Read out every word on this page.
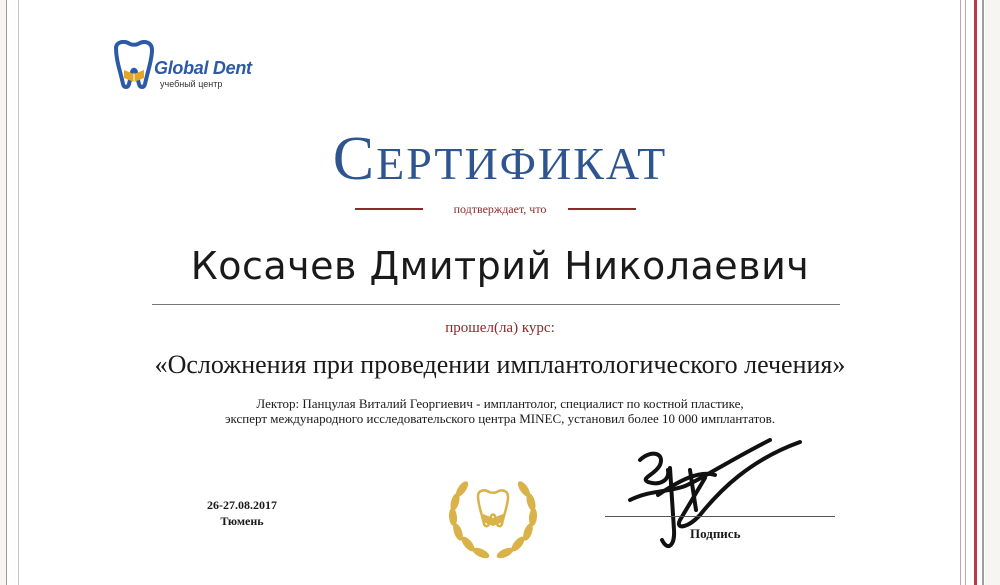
Global Dent
учебный центр
СЕРТИФИКАТ
подтверждает, что
Косачев Дмитрий Николаевич
прошел(ла) курс:
«Осложнения при проведении имплантологического лечения»
Лектор: Панцулая Виталий Георгиевич - имплантолог, специалист по костной пластике,
эксперт международного исследовательского центра MINEC, установил более 10 000 имплантатов.
26-27.08.2017
Тюмень
Подпись
